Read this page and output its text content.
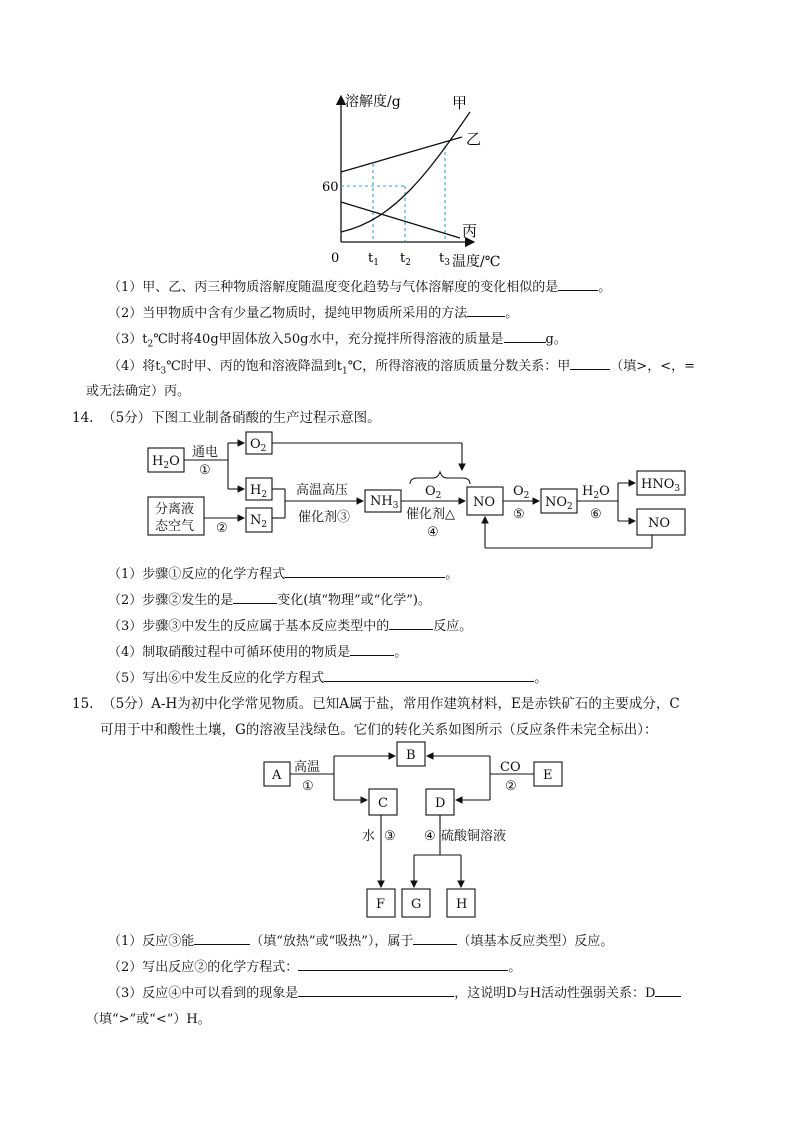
溶解度/g
温度/℃
0
60
$t_1$ $t_2$ $t_3$
甲
乙
丙
（1）甲、乙、丙三种物质溶解度随温度变化趋势与气体溶解度的变化相似的是	。
（2）当甲物质中含有少量乙物质时，提纯甲物质所采用的方法	。
$(3)t_2℃$时将40g甲固体放入50g水中，充分搅拌所得溶液的质量是	g。
（4）将$t_3℃$时甲、丙的饱和溶液降温到$t_1℃$，所得溶液的溶质质量分数关系：甲	（填>，<，=
或无法确定）丙。
14. （5分）下图工业制备硝酸的生产过程示意图。
$H_2O$
通电
①
$O_2$
$H_2$
分离液
态空气 ②
$N_2$
高温高压
催化剂③
$NH_3$
$O_2$
催化剂△
④
NO
$O_2$
⑤
$NO_2$
$H_2O$
⑥
$HNO_3$
NO
（1）步骤①反应的化学方程式	。
（2）步骤②发生的是	变化(填“物理”或“化学”)。
（3）步骤③中发生的反应属于基本反应类型中的	反应。
（4）制取硝酸过程中可循环使用的物质是	。
（5）写出⑥中发生反应的化学方程式	。
15. （5分）A-H为初中化学常见物质。已知A属于盐，常用作建筑材料，E是赤铁矿石的主要成分，C
可用于中和酸性土壤，G的溶液呈浅绿色。它们的转化关系如图所示（反应条件未完全标出）：
A
B
C	D
E
F G	H
高温
①
CO
②
水 ③ ④ 硫酸铜溶液
（1）反应③能	（填“放热”或“吸热”），属于	（填基本反应类型）反应。
（2）写出反应②的化学方程式：	。
（3）反应④中可以看到的现象是	，这说明D与H活动性强弱关系：D
（填“>”或“<”）H。
